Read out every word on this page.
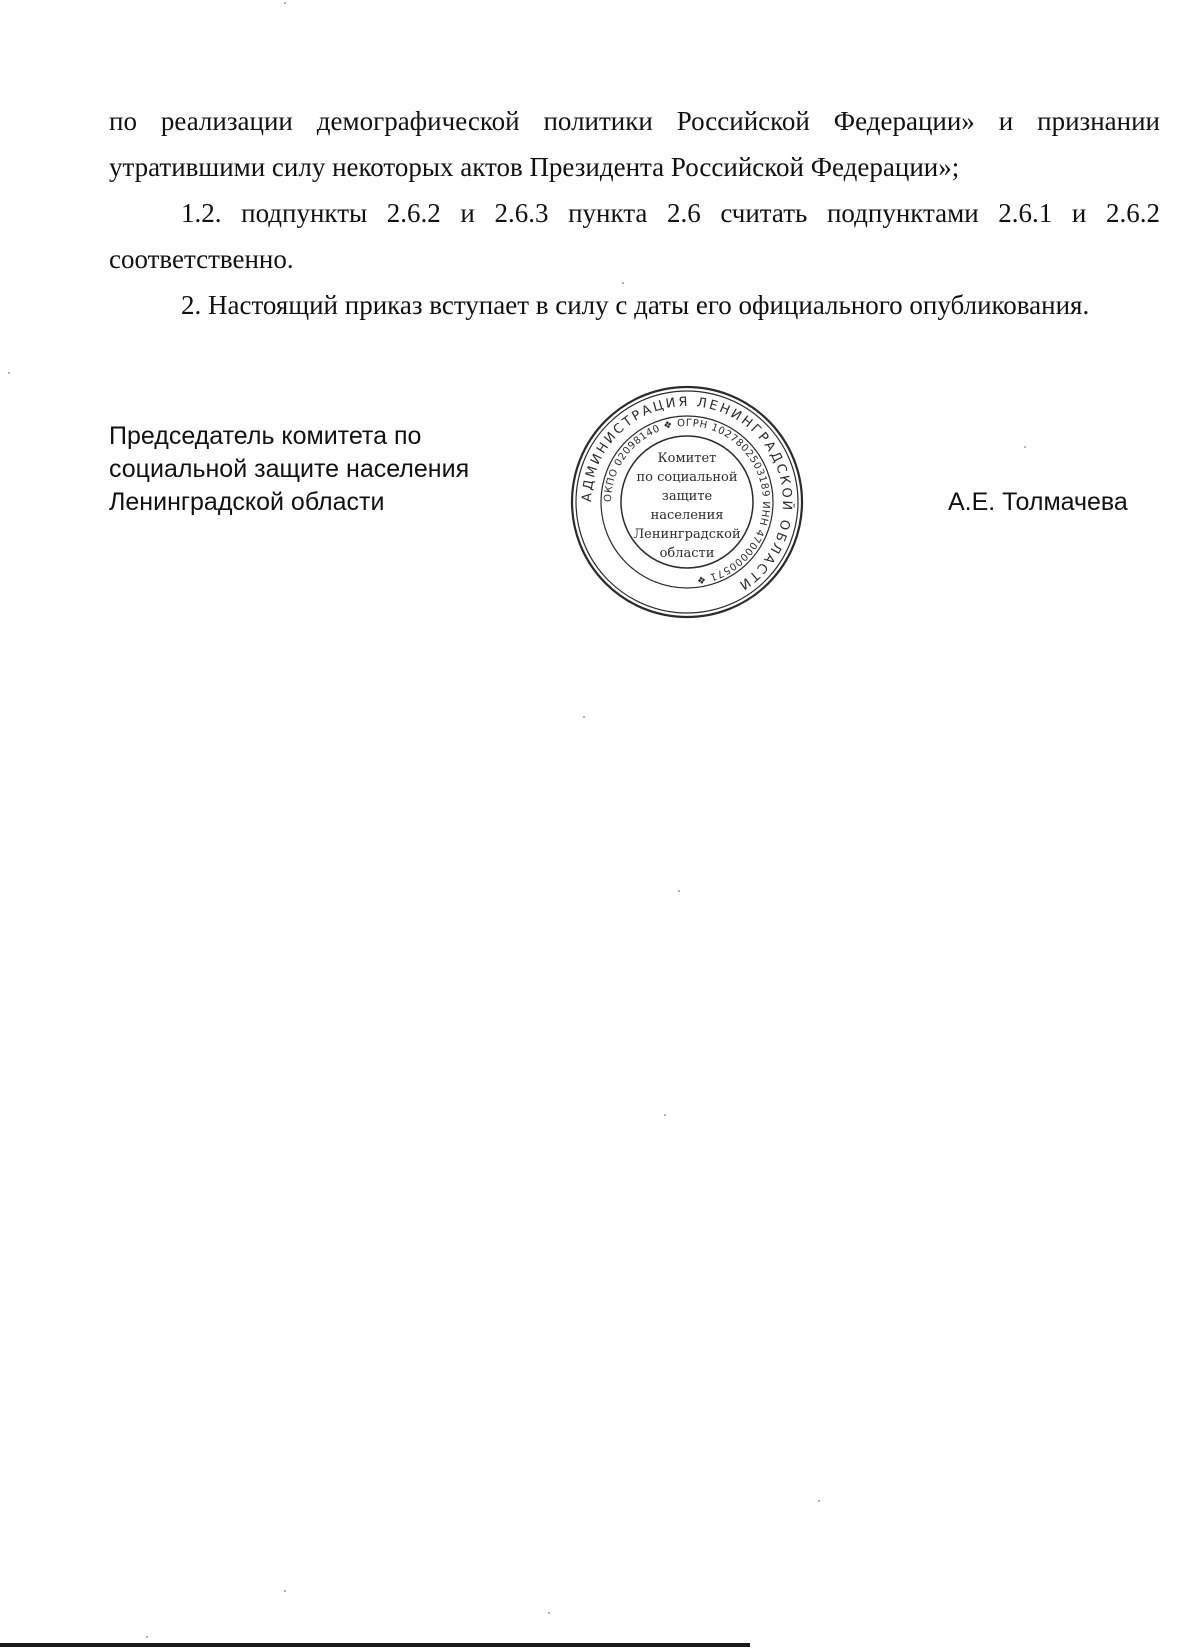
по реализации демографической политики Российской Федерации» и признании утратившими силу некоторых актов Президента Российской Федерации»;

1.2. подпункты 2.6.2 и 2.6.3 пункта 2.6 считать подпунктами 2.6.1 и 2.6.2 соответственно.

2. Настоящий приказ вступает в силу с даты его официального опубликования.

Председатель комитета по
социальной защите населения
Ленинградской области	АДМИНИСТРАЦИЯ ЛЕНИНГРАДСКОЙ ОБЛАСТИ
ОКПО 02098140 ❖ ОГРН 1027802503189 ИНН 4700000571 ❖
Комитет
по социальной
защите
населения
Ленинградской
области
А.Е. Толмачева
